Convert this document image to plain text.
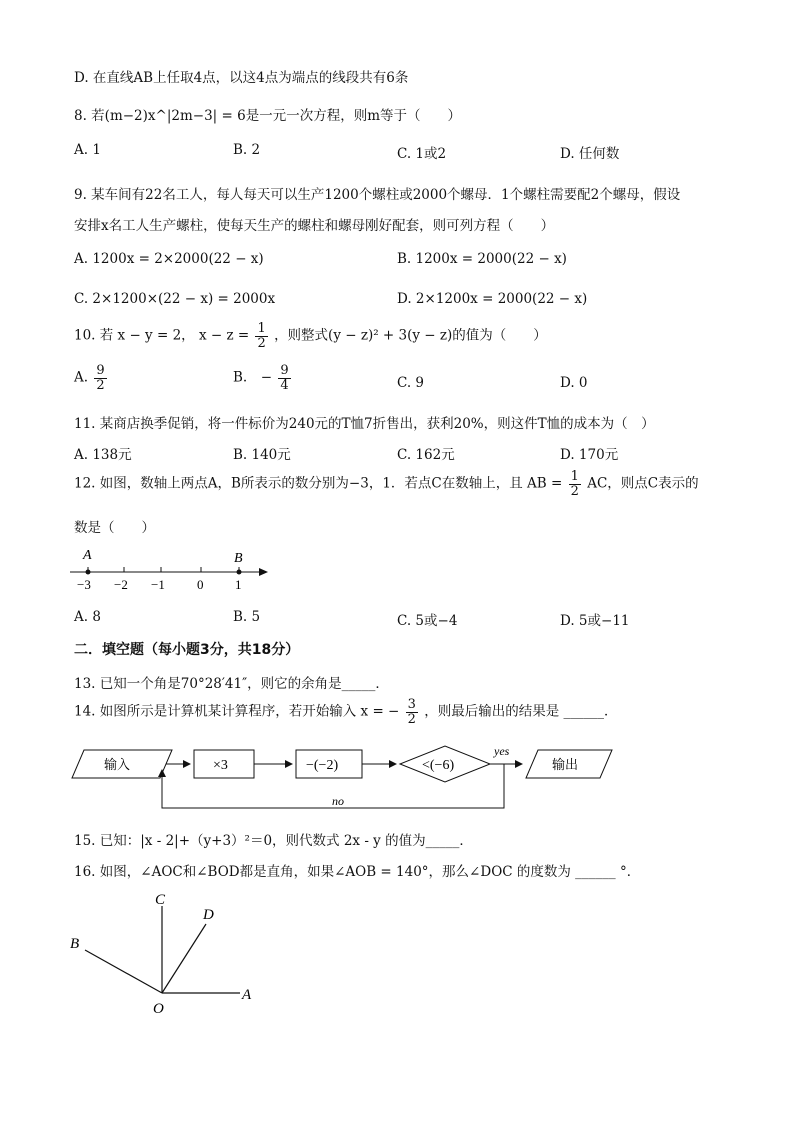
D. 在直线AB上任取4点，以这4点为端点的线段共有6条
8. 若(m−2)x^|2m−3| = 6是一元一次方程，则m等于（　　）
A. 1	B. 2	C. 1或2	D. 任何数
9. 某车间有22名工人，每人每天可以生产1200个螺柱或2000个螺母．1个螺柱需要配2个螺母，假设
安排x名工人生产螺柱，使每天生产的螺柱和螺母刚好配套，则可列方程（　　）
A. 1200x = 2×2000(22 − x)	B. 1200x = 2000(22 − x)
C. 2×1200×(22 − x) = 2000x	D. 2×1200x = 2000(22 − x)
10. 若 x − y = 2， $x - z = \frac{1}{2}$ ，则整式(y − z)² + 3(y − z)的值为（　　）
A. $\frac{9}{2}$	B.　− $\frac{9}{4}$	C. 9	D. 0
11. 某商店换季促销，将一件标价为240元的T恤7折售出，获利20%，则这件T恤的成本为（　）
A. 138元	B. 140元	C. 162元	D. 170元
12. 如图，数轴上两点A，B所表示的数分别为−3，1．若点C在数轴上，且 AB = $\frac{1}{2}$ AC，则点C表示的
数是（　　）
A	B
−3 −2 −1 0 1
A. 8	B. 5	C. 5或−4	D. 5或−11
二．填空题（每小题3分，共18分）
13. 已知一个角是70°28′41″，则它的余角是_____．
14. 如图所示是计算机某计算程序，若开始输入 x = − $\frac{3}{2}$ ，则最后输出的结果是 ______．
输入	×3	−(−2)	<(−6)
yes
输出
no
15. 已知：|x - 2|+（y+3）²＝0，则代数式 2x - y 的值为_____．
16. 如图，∠AOC和∠BOD都是直角，如果∠AOB = 140°，那么∠DOC 的度数为 ______ °．
C
D
B
O
A
